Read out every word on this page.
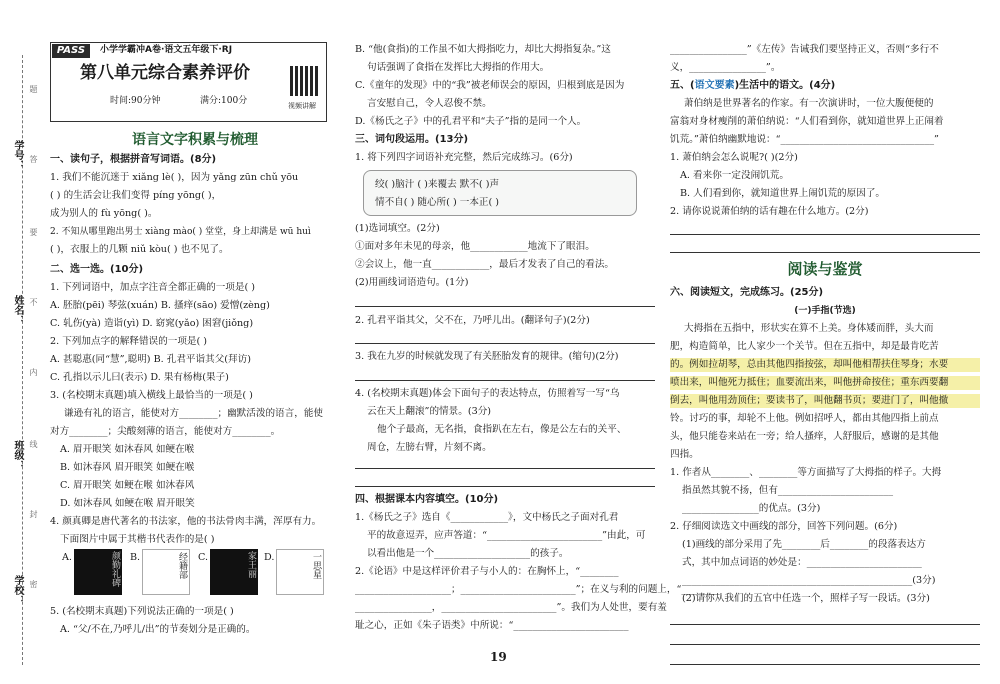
学号：
姓名：
班级：
学校：
题
答
要
不
内
线
封
密
PASS	小学学霸冲A卷·语文五年级下·RJ
第八单元综合素养评价
时间:90分钟	满分:100分	视频讲解
语言文字积累与梳理
一、读句子，根据拼音写词语。(8分)
1. 我们不能沉迷于 xiǎng lè( )，因为 yǎng zūn chǔ yōu
( ) 的生活会让我们变得 píng yōng( )，
成为别人的 fù yōng( )。
2. 不知从哪里跑出男士 xiàng mào( ) 堂堂，身上却满是 wū huì
( )，衣服上的几颗 niǔ kòu( ) 也不见了。
二、选一选。(10分)
1. 下列词语中，加点字注音全都正确的一项是( )
A. 胚胎(pēi) 琴弦(xuán) B. 搔痒(sāo) 爱憎(zèng)
C. 轧伤(yà) 造诣(yì) D. 窈窕(yǎo) 困窘(jiǒng)
2. 下列加点字的解释错误的一项是( )
A. 甚聪惠(同“慧”,聪明) B. 孔君平诣其父(拜访)
C. 孔指以示儿曰(表示) D. 果有杨梅(果子)
3. (名校期末真题)填入横线上最恰当的一项是( )
谦逊有礼的语言，能使对方________；幽默活泼的语言，能使
对方________；尖酸刻薄的语言，能使对方________。
A. 眉开眼笑 如沐春风 如鲠在喉
B. 如沐春风 眉开眼笑 如鲠在喉
C. 眉开眼笑 如鲠在喉 如沐春风
D. 如沐春风 如鲠在喉 眉开眼笑
4. 颜真卿是唐代著名的书法家，他的书法骨肉丰满，浑厚有力。
下面图片中属于其楷书代表作的是( )
A.	颜勤礼碑 B.	经籍部	C.	家王丽 D.	一思星
5. (名校期末真题)下列说法正确的一项是( )
A. “父/不在,乃呼儿/出”的节奏划分是正确的。
B. “他(食指)的工作虽不如大拇指吃力，却比大拇指复杂。”这
句话强调了食指在发挥比大拇指的作用大。
C.《童年的发现》中的“我”被老师误会的原因，归根到底是因为
言安慰自己，令人忍俊不禁。
D.《杨氏之子》中的孔君平和“夫子”指的是同一个人。
三、词句段运用。(13分)
1. 将下列四字词语补充完整，然后完成练习。(6分)
绞( )脑汁 ( )来覆去 默不( )声
情不自( ) 随心所( ) 一本正( )
(1)选词填空。(2分)
①面对多年未见的母亲，他____________地流下了眼泪。
②会议上，他一直____________，最后才发表了自己的看法。
(2)用画线词语造句。(1分)
2. 孔君平诣其父，父不在，乃呼儿出。(翻译句子)(2分)
3. 我在九岁的时候就发现了有关胚胎发育的规律。(缩句)(2分)
4. (名校期末真题)体会下面句子的表达特点，仿照着写一写“乌
云在天上翻滚”的情景。(3分)
他个子最高，无名指，食指趴在左右，像是公左右的关平、
周仓，左膀右臂，片刻不离。
四、根据课本内容填空。(10分)
1.《杨氏之子》选自《____________》，文中杨氏之子面对孔君
平的故意逗弄，应声答道：“________________________”由此，可
以看出他是一个____________________的孩子。
2.《论语》中是这样评价君子与小人的：在胸怀上，“________
____________________；________________________”；在义与利的问题上，“________
________________，________________________”。我们为人处世，要有羞
耻之心，正如《朱子语类》中所说：“________________________
19
________________”《左传》告诫我们要坚持正义，否则“多行不
义，________________”。
五、(语文要素)生活中的语文。(4分)
萧伯纳是世界著名的作家。有一次演讲时，一位大腹便便的
富翁对身材瘦削的萧伯纳说：“人们看到你，就知道世界上正闹着
饥荒。”萧伯纳幽默地说：“________________________________”
1. 萧伯纳会怎么说呢?( )(2分)
A. 看来你一定没闹饥荒。
B. 人们看到你，就知道世界上闹饥荒的原因了。
2. 请你说说萧伯纳的话有趣在什么地方。(2分)
阅读与鉴赏
六、阅读短文，完成练习。(25分)
(一)手指(节选)
大拇指在五指中，形状实在算不上美。身体矮而胖，头大而
肥，构造简单，比人家少一个关节。但在五指中，却是最肯吃苦
的。例如拉胡琴，总由其他四指按弦，却叫他相帮扶住琴身；水要
喷出来，叫他死力抵住；血要流出来，叫他拼命按住；重东西要翻
倒去，叫他用劲顶住；要读书了，叫他翻书页；要进门了，叫他撤
铃。讨巧的事，却轮不上他。例如招呼人，都由其他四指上前点
头，他只能卷来站在一旁；给人搔痒，人舒服后，感谢的是其他
四指。
1. 作者从________、________等方面描写了大拇指的样子。大拇
指虽然其貌不扬，但有________________________
________________的优点。(3分)
2. 仔细阅读选文中画线的部分，回答下列问题。(6分)
(1)画线的部分采用了先________后________的段落表达方
式，其中加点词语的妙处是：________________________
________________________________________________(3分)
(2)请你从我们的五官中任选一个，照样子写一段话。(3分)
